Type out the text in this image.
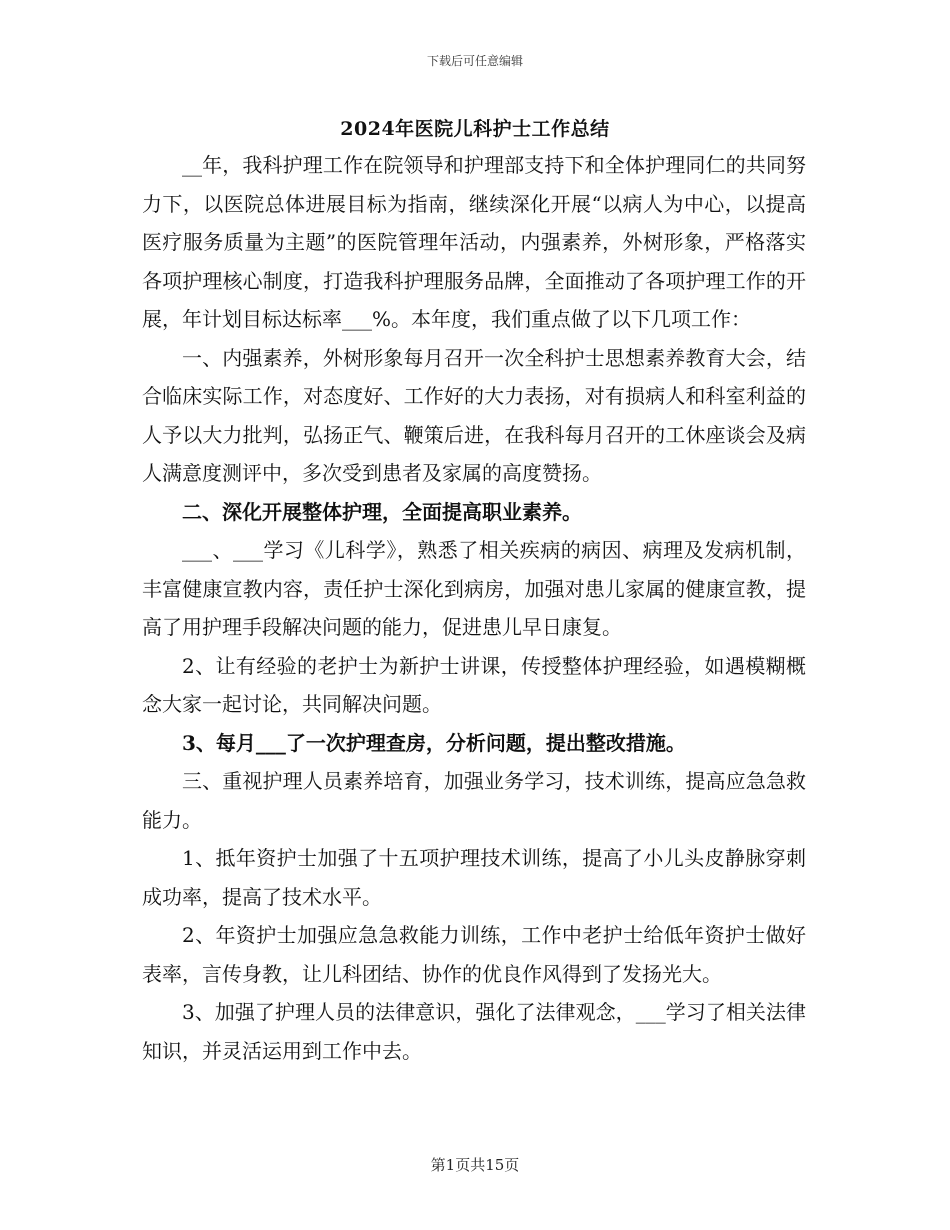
下载后可任意编辑
2024年医院儿科护士工作总结

__年，我科护理工作在院领导和护理部支持下和全体护理同仁的共同努力下，以医院总体进展目标为指南，继续深化开展“以病人为中心，以提高医疗服务质量为主题”的医院管理年活动，内强素养，外树形象，严格落实各项护理核心制度，打造我科护理服务品牌，全面推动了各项护理工作的开展，年计划目标达标率___%。本年度，我们重点做了以下几项工作：

一、内强素养，外树形象每月召开一次全科护士思想素养教育大会，结合临床实际工作，对态度好、工作好的大力表扬，对有损病人和科室利益的人予以大力批判，弘扬正气、鞭策后进，在我科每月召开的工休座谈会及病人满意度测评中，多次受到患者及家属的高度赞扬。

二、深化开展整体护理，全面提高职业素养。

___、___学习《儿科学》，熟悉了相关疾病的病因、病理及发病机制，丰富健康宣教内容，责任护士深化到病房，加强对患儿家属的健康宣教，提高了用护理手段解决问题的能力，促进患儿早日康复。

2、让有经验的老护士为新护士讲课，传授整体护理经验，如遇模糊概念大家一起讨论，共同解决问题。

3、每月___了一次护理查房，分析问题，提出整改措施。

三、重视护理人员素养培育，加强业务学习，技术训练，提高应急急救能力。

1、抵年资护士加强了十五项护理技术训练，提高了小儿头皮静脉穿刺成功率，提高了技术水平。

2、年资护士加强应急急救能力训练，工作中老护士给低年资护士做好表率，言传身教，让儿科团结、协作的优良作风得到了发扬光大。

3、加强了护理人员的法律意识，强化了法律观念，___学习了相关法律知识，并灵活运用到工作中去。

第1页共15页
